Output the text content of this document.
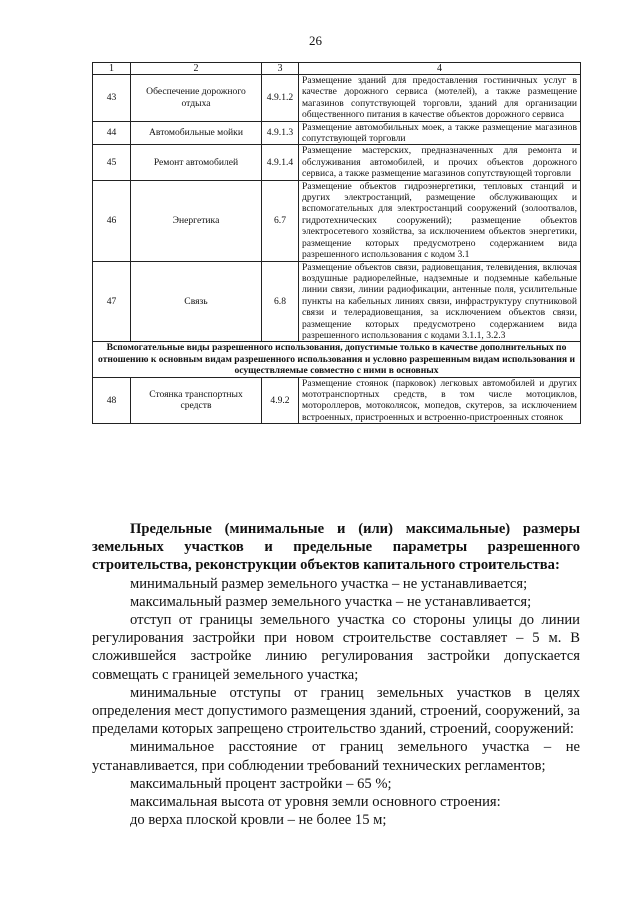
26
1	2	3	4
43	Обеспечение дорожного отдыха	4.9.1.2	Размещение зданий для предоставления гостиничных услуг в качестве дорожного сервиса (мотелей), а также размещение магазинов сопутствующей торговли, зданий для организации общественного питания в качестве объектов дорожного сервиса
44	Автомобильные мойки	4.9.1.3	Размещение автомобильных моек, а также размещение магазинов сопутствующей торговли
45	Ремонт автомобилей	4.9.1.4	Размещение мастерских, предназначенных для ремонта и обслуживания автомобилей, и прочих объектов дорожного сервиса, а также размещение магазинов сопутствующей торговли
46	Энергетика	6.7	Размещение объектов гидроэнергетики, тепловых станций и других электростанций, размещение обслуживающих и вспомогательных для электростанций сооружений (золоотвалов, гидротехнических сооружений); размещение объектов электросетевого хозяйства, за исключением объектов энергетики, размещение которых предусмотрено содержанием вида разрешенного использования с кодом 3.1
47	Связь	6.8	Размещение объектов связи, радиовещания, телевидения, включая воздушные радиорелейные, надземные и подземные кабельные линии связи, линии радиофикации, антенные поля, усилительные пункты на кабельных линиях связи, инфраструктуру спутниковой связи и телерадиовещания, за исключением объектов связи, размещение которых предусмотрено содержанием вида разрешенного использования с кодами 3.1.1, 3.2.3
Вспомогательные виды разрешенного использования, допустимые только в качестве дополнительных по отношению к основным видам разрешенного использования и условно разрешенным видам использования и осуществляемые совместно с ними в основных			
48	Стоянка транспортных средств	4.9.2	Размещение стоянок (парковок) легковых автомобилей и других мототранспортных средств, в том числе мотоциклов, мотороллеров, мотоколясок, мопедов, скутеров, за исключением встроенных, пристроенных и встроенно-пристроенных стоянок

Предельные (минимальные и (или) максимальные) размеры земельных участков и предельные параметры разрешенного строительства, реконструкции объектов капитального строительства:

минимальный размер земельного участка – не устанавливается;

максимальный размер земельного участка – не устанавливается;

отступ от границы земельного участка со стороны улицы до линии регулирования застройки при новом строительстве составляет – 5 м. В сложившейся застройке линию регулирования застройки допускается совмещать с границей земельного участка;

минимальные отступы от границ земельных участков в целях определения мест допустимого размещения зданий, строений, сооружений, за пределами которых запрещено строительство зданий, строений, сооружений:

минимальное расстояние от границ земельного участка – не устанавливается, при соблюдении требований технических регламентов;

максимальный процент застройки – 65 %;

максимальная высота от уровня земли основного строения:

до верха плоской кровли – не более 15 м;
